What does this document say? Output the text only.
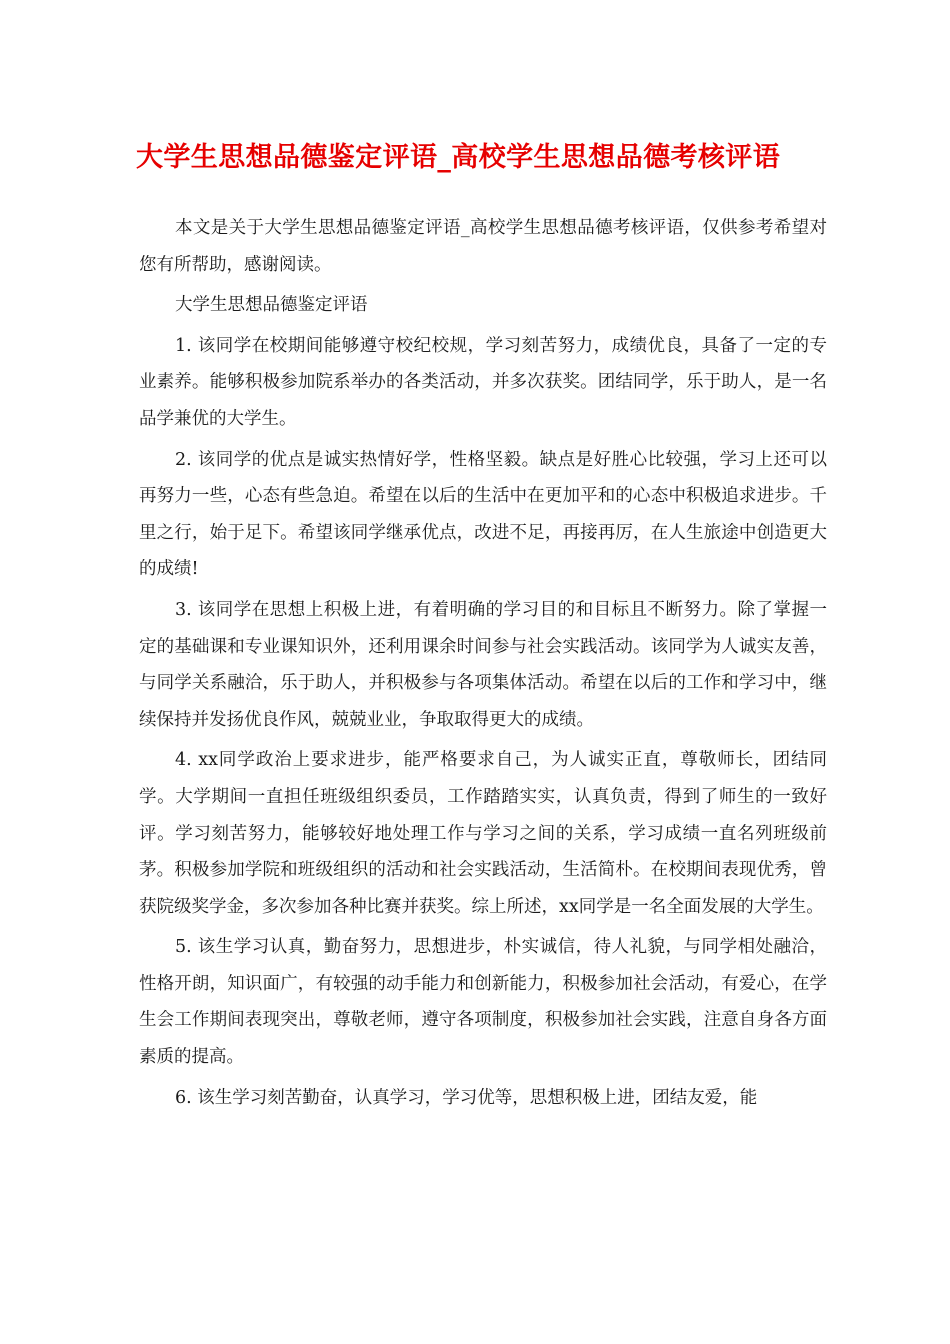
大学生思想品德鉴定评语_高校学生思想品德考核评语

本文是关于大学生思想品德鉴定评语_高校学生思想品德考核评语，仅供参考希望对您有所帮助，感谢阅读。

大学生思想品德鉴定评语

1. 该同学在校期间能够遵守校纪校规，学习刻苦努力，成绩优良，具备了一定的专业素养。能够积极参加院系举办的各类活动，并多次获奖。团结同学，乐于助人，是一名品学兼优的大学生。

2. 该同学的优点是诚实热情好学，性格坚毅。缺点是好胜心比较强，学习上还可以再努力一些，心态有些急迫。希望在以后的生活中在更加平和的心态中积极追求进步。千里之行，始于足下。希望该同学继承优点，改进不足，再接再厉，在人生旅途中创造更大的成绩!

3. 该同学在思想上积极上进，有着明确的学习目的和目标且不断努力。除了掌握一定的基础课和专业课知识外，还利用课余时间参与社会实践活动。该同学为人诚实友善，与同学关系融洽，乐于助人，并积极参与各项集体活动。希望在以后的工作和学习中，继续保持并发扬优良作风，兢兢业业，争取取得更大的成绩。

4. xx同学政治上要求进步，能严格要求自己，为人诚实正直，尊敬师长，团结同学。大学期间一直担任班级组织委员，工作踏踏实实，认真负责，得到了师生的一致好评。学习刻苦努力，能够较好地处理工作与学习之间的关系，学习成绩一直名列班级前茅。积极参加学院和班级组织的活动和社会实践活动，生活简朴。在校期间表现优秀，曾获院级奖学金，多次参加各种比赛并获奖。综上所述，xx同学是一名全面发展的大学生。

5. 该生学习认真，勤奋努力，思想进步，朴实诚信，待人礼貌，与同学相处融洽，性格开朗，知识面广，有较强的动手能力和创新能力，积极参加社会活动，有爱心，在学生会工作期间表现突出，尊敬老师，遵守各项制度，积极参加社会实践，注意自身各方面素质的提高。

6. 该生学习刻苦勤奋，认真学习，学习优等，思想积极上进，团结友爱，能
